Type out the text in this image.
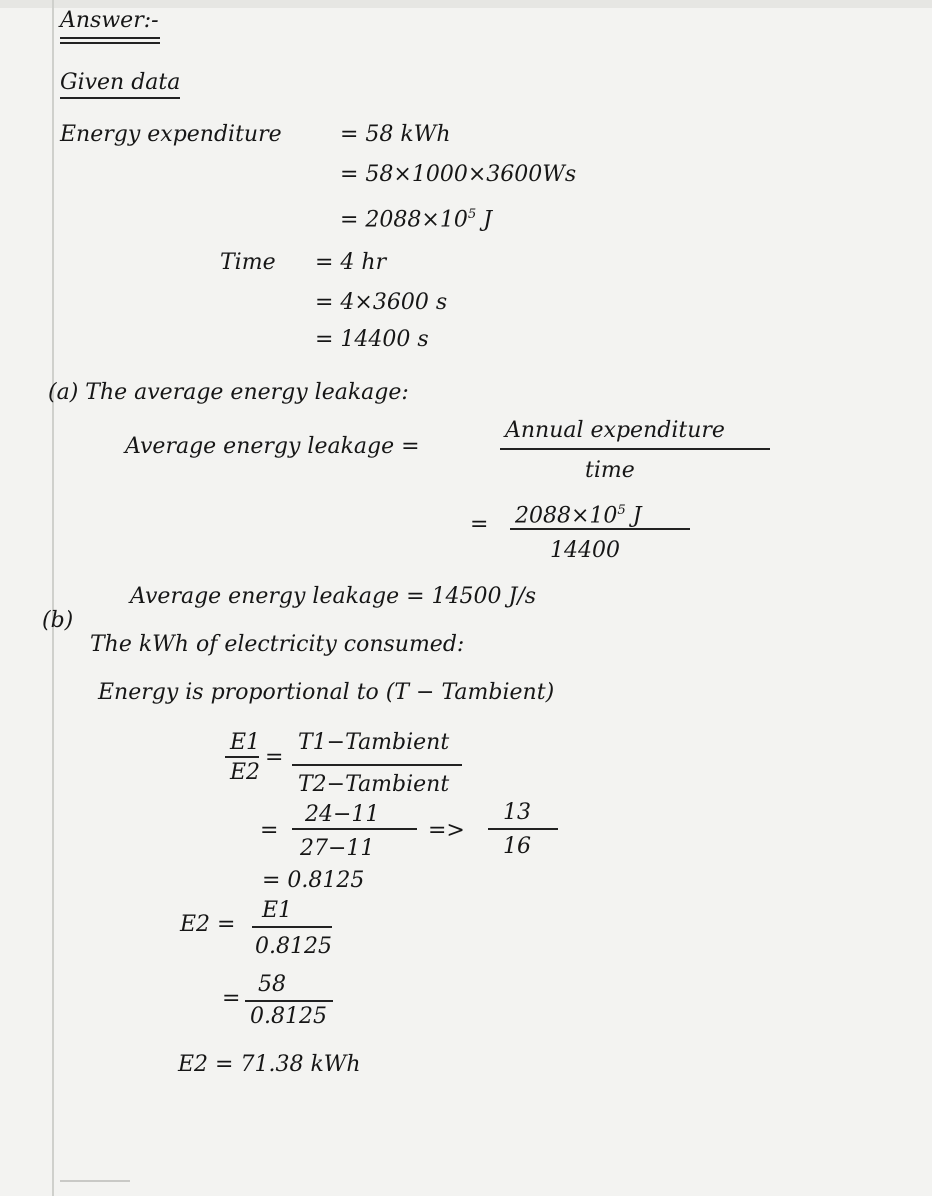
Answer:-
Given data
Energy expenditure	= 58 kWh
= 58×1000×3600Ws
= $2088\times 10^5$ J
Time = 4 hr
= 4×3600 s
= 14400 s
(a) The average energy leakage:
Average energy leakage =
Annual expenditure
time
= $2088\times 10^5$ J
14400
Average energy leakage = 14500 J/s
(b)
The kWh of electricity consumed:
Energy is proportional to (T − Tambient)
E1
E2
=
T1−Tambient
T2−Tambient
=
24−11
27−11
=>
13
16
= 0.8125
E2 =
E1
0.8125
=
58
0.8125
E2 = 71.38 kWh
